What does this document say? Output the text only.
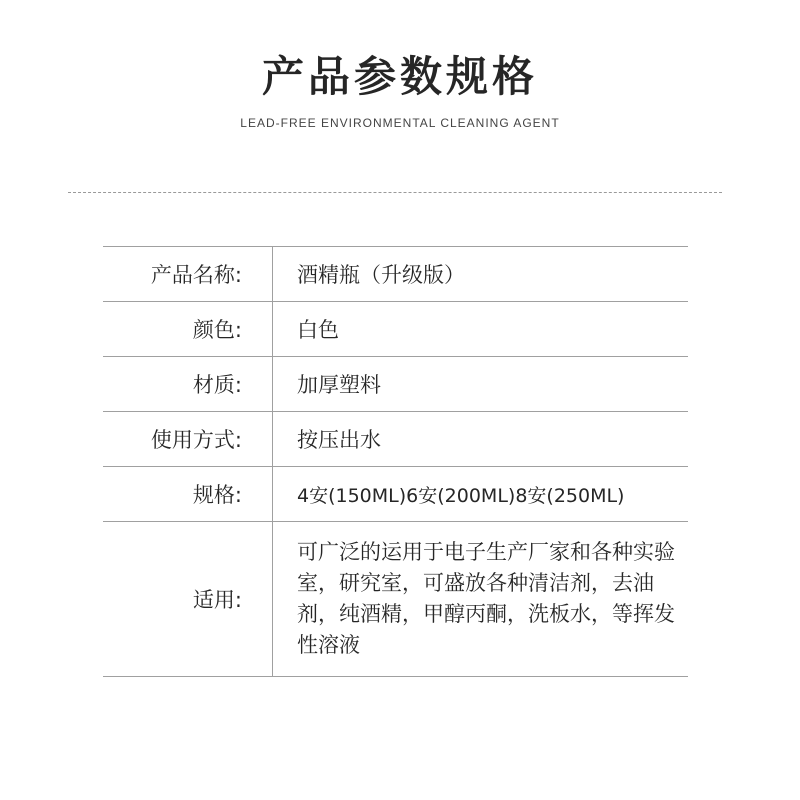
产品参数规格
LEAD-FREE ENVIRONMENTAL CLEANING AGENT
产品名称:	酒精瓶（升级版）
颜色:	白色
材质:	加厚塑料
使用方式:	按压出水
规格:	4安(150ML)6安(200ML)8安(250ML)
适用:
可广泛的运用于电子生产厂家和各种实验室，研究室，可盛放各种清洁剂，去油剂，纯酒精，甲醇丙酮，洗板水，等挥发性溶液
